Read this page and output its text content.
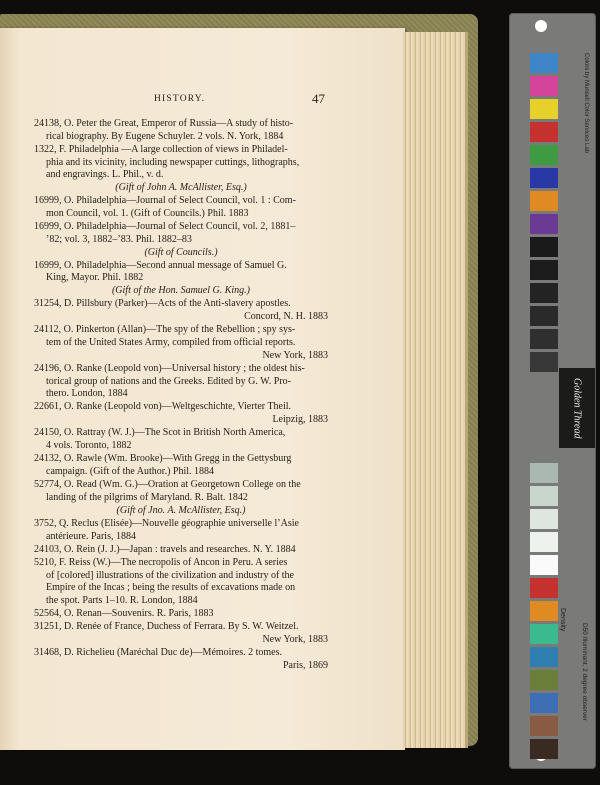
HISTORY.	47
24138, O. Peter the Great, Emperor of Russia—A study of histo-
rical biography. By Eugene Schuyler. 2 vols. N. York, 1884
1322, F. Philadelphia —A large collection of views in Philadel-
phia and its vicinity, including newspaper cuttings, lithographs,
and engravings. L. Phil., v. d.
(Gift of John A. McAllister, Esq.)
16999, O. Philadelphia—Journal of Select Council, vol. 1 : Com-
mon Council, vol. 1. (Gift of Councils.) Phil. 1883
16999, O. Philadelphia—Journal of Select Council, vol. 2, 1881–
’82; vol. 3, 1882–’83. Phil. 1882–83
(Gift of Councils.)
16999, O. Philadelphia—Second annual message of Samuel G.
King, Mayor. Phil. 1882
(Gift of the Hon. Samuel G. King.)
31254, D. Pillsbury (Parker)—Acts of the Anti-slavery apostles.
Concord, N. H. 1883
24112, O. Pinkerton (Allan)—The spy of the Rebellion ; spy sys-
tem of the United States Army, compiled from official reports.
New York, 1883
24196, O. Ranke (Leopold von)—Universal history ; the oldest his-
torical group of nations and the Greeks. Edited by G. W. Pro-
thero. London, 1884
22661, O. Ranke (Leopold von)—Weltgeschichte, Vierter Theil.
Leipzig, 1883
24150, O. Rattray (W. J.)—The Scot in British North America,
4 vols. Toronto, 1882
24132, O. Rawle (Wm. Brooke)—With Gregg in the Gettysburg
campaign. (Gift of the Author.) Phil. 1884
52774, O. Read (Wm. G.)—Oration at Georgetown College on the
landing of the pilgrims of Maryland. R. Balt. 1842
(Gift of Jno. A. McAllister, Esq.)
3752, Q. Reclus (Elisée)—Nouvelle géographie universelle l’Asie
antérieure. Paris, 1884
24103, O. Rein (J. J.)—Japan : travels and researches. N. Y. 1884
5210, F. Reiss (W.)—The necropolis of Ancon in Peru. A series
of [colored] illustrations of the civilization and industry of the
Empire of the Incas ; being the results of excavations made on
the spot. Parts 1–10. R. London, 1884
52564, O. Renan—Souvenirs. R. Paris, 1883
31251, D. Renée of France, Duchess of Ferrara. By S. W. Weitzel.
New York, 1883
31468, D. Richelieu (Maréchal Duc de)—Mémoires. 2 tomes.
Paris, 1869
Colors by Munsell Color Services Lab
Golden Thread
Density
D50 Illuminant, 2 degree observer
